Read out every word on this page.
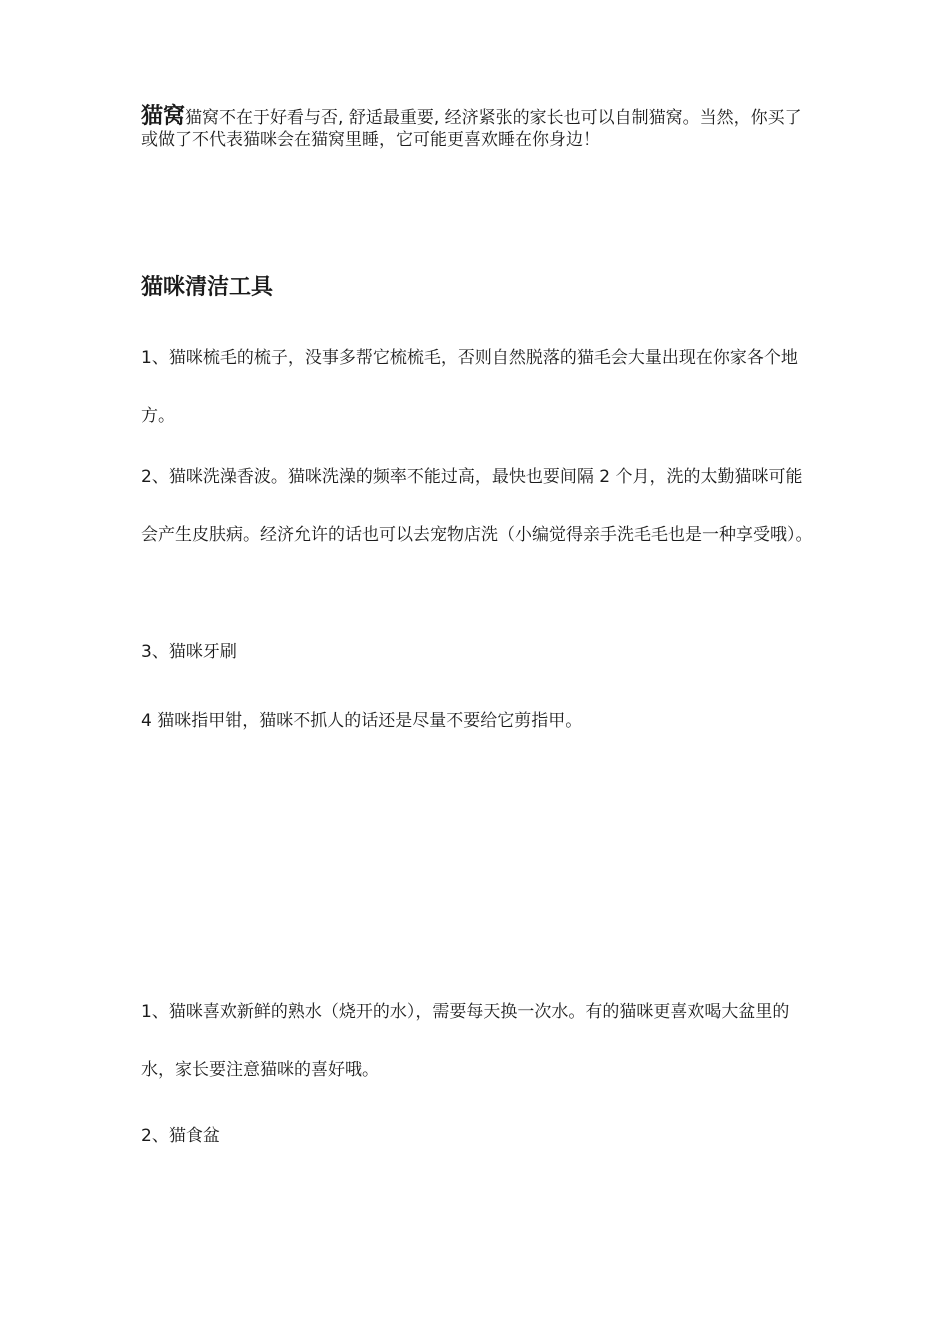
猫窝猫窝不在于好看与否, 舒适最重要, 经济紧张的家长也可以自制猫窝。当然，你买了或做了不代表猫咪会在猫窝里睡，它可能更喜欢睡在你身边！

猫咪清洁工具

1、猫咪梳毛的梳子，没事多帮它梳梳毛，否则自然脱落的猫毛会大量出现在你家各个地方。

2、猫咪洗澡香波。猫咪洗澡的频率不能过高，最快也要间隔 2 个月，洗的太勤猫咪可能会产生皮肤病。经济允许的话也可以去宠物店洗（小编觉得亲手洗毛毛也是一种享受哦）。

3、猫咪牙刷

4 猫咪指甲钳，猫咪不抓人的话还是尽量不要给它剪指甲。

1、猫咪喜欢新鲜的熟水（烧开的水），需要每天换一次水。有的猫咪更喜欢喝大盆里的水，家长要注意猫咪的喜好哦。

2、猫食盆
